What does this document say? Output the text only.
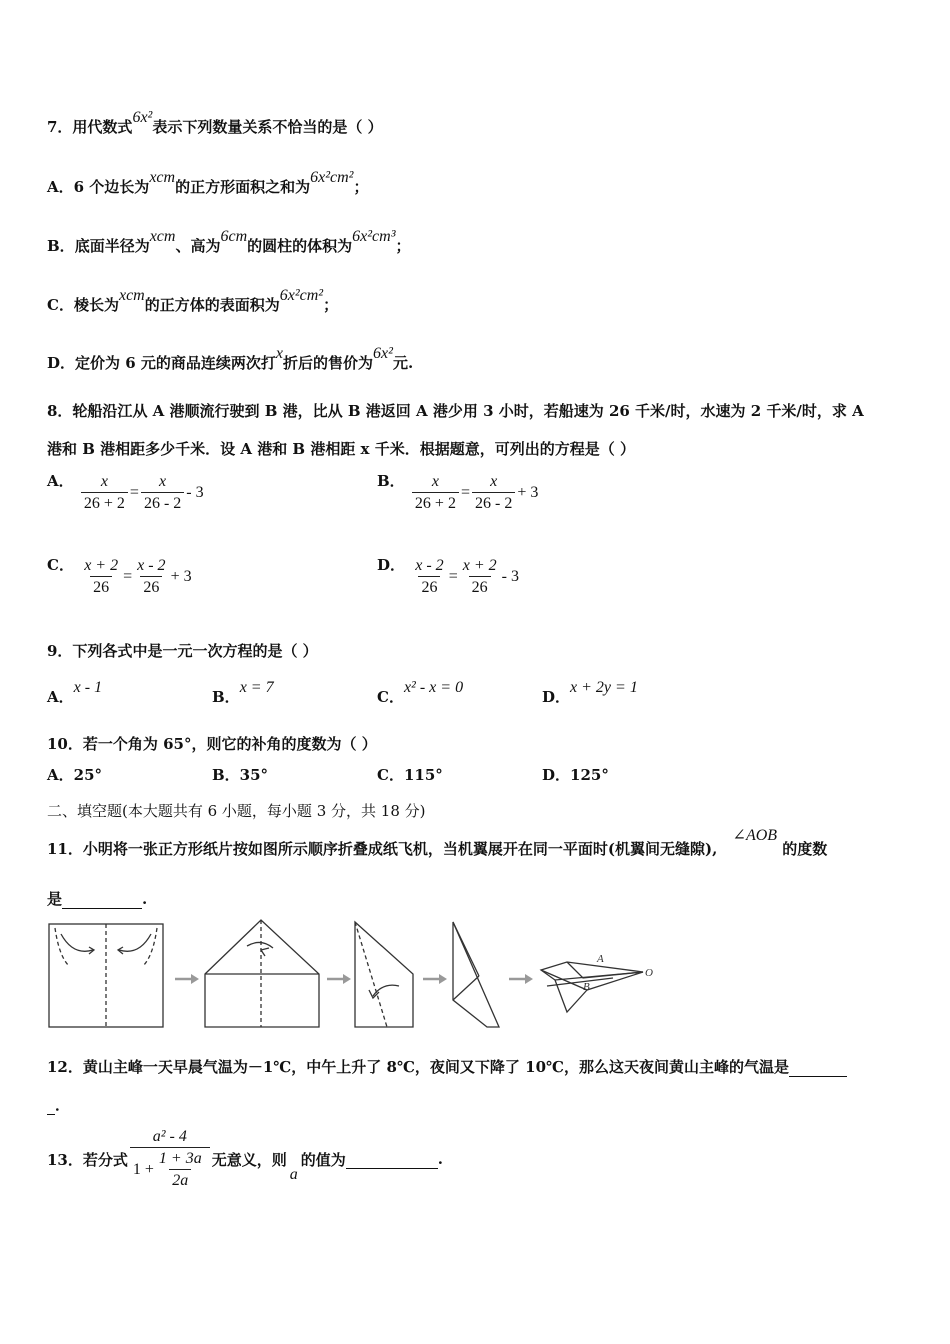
7．用代数式6x²表示下列数量关系不恰当的是（ ）
A．6 个边长为xcm的正方形面积之和为6x²cm²；
B．底面半径为xcm、高为6cm的圆柱的体积为6x²cm³；
C．棱长为xcm的正方体的表面积为6x²cm²；
D．定价为 6 元的商品连续两次打x折后的售价为6x²元.
8．轮船沿江从 A 港顺流行驶到 B 港，比从 B 港返回 A 港少用 3 小时，若船速为 26 千米/时，水速为 2 千米/时，求 A
港和 B 港相距多少千米．设 A 港和 B 港相距 x 千米．根据题意，可列出的方程是（ ）
A． $\frac{x}{26 + 2} = \frac{x}{26 - 2} - 3$
B． $\frac{x}{26 + 2} = \frac{x}{26 - 2} + 3$
C． $\frac{x + 2}{26} = \frac{x - 2}{26} + 3$
D． $\frac{x - 2}{26} = \frac{x + 2}{26} - 3$
9．下列各式中是一元一次方程的是（ ）
A．x - 1
B．x = 7
C．x² - x = 0
D．x + 2y = 1
10．若一个角为 65°，则它的补角的度数为（ ）
A．25°	B．35°	C．115°	D．125°
二、填空题(本大题共有 6 小题，每小题 3 分，共 18 分)
11．小明将一张正方形纸片按如图所示顺序折叠成纸飞机，当机翼展开在同一平面时(机翼间无缝隙), ∠AOB 的度数
是	.
A
B
O
12．黄山主峰一天早晨气温为－1℃，中午上升了 8℃，夜间又下降了 10℃，那么这天夜间黄山主峰的气温是
．
13．若分式 $\frac{\text{a² - 4}}{1 + \frac{1 + 3a}{2a}}$ 无意义，则
a
的值为
	.
